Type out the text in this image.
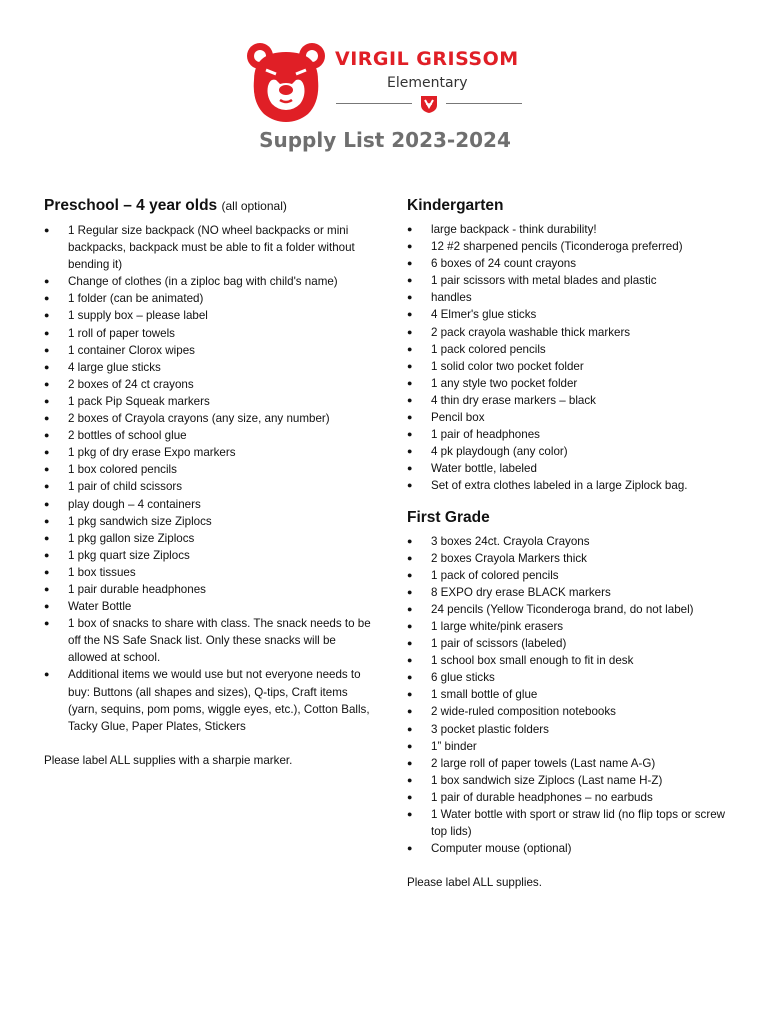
VIRGIL GRISSOM
Elementary
Supply List 2023-2024
Preschool – 4 year olds (all optional)
● 1 Regular size backpack (NO wheel backpacks or mini backpacks, backpack must be able to fit a folder without bending it)
● Change of clothes (in a ziploc bag with child's name)
● 1 folder (can be animated)
● 1 supply box – please label
● 1 roll of paper towels
● 1 container Clorox wipes
● 4 large glue sticks
● 2 boxes of 24 ct crayons
● 1 pack Pip Squeak markers
● 2 boxes of Crayola crayons (any size, any number)
● 2 bottles of school glue
● 1 pkg of dry erase Expo markers
● 1 box colored pencils
● 1 pair of child scissors
● play dough – 4 containers
● 1 pkg sandwich size Ziplocs
● 1 pkg gallon size Ziplocs
● 1 pkg quart size Ziplocs
● 1 box tissues
● 1 pair durable headphones
● Water Bottle
● 1 box of snacks to share with class. The snack needs to be off the NS Safe Snack list. Only these snacks will be allowed at school.
● Additional items we would use but not everyone needs to buy: Buttons (all shapes and sizes), Q-tips, Craft items (yarn, sequins, pom poms, wiggle eyes, etc.), Cotton Balls, Tacky Glue, Paper Plates, Stickers
Please label ALL supplies with a sharpie marker.
Kindergarten
● large backpack - think durability!
● 12 #2 sharpened pencils (Ticonderoga preferred)
● 6 boxes of 24 count crayons
● 1 pair scissors with metal blades and plastic
● handles
● 4 Elmer's glue sticks
● 2 pack crayola washable thick markers
● 1 pack colored pencils
● 1 solid color two pocket folder
● 1 any style two pocket folder
● 4 thin dry erase markers – black
● Pencil box
● 1 pair of headphones
● 4 pk playdough (any color)
● Water bottle, labeled
● Set of extra clothes labeled in a large Ziplock bag.
First Grade
● 3 boxes 24ct. Crayola Crayons
● 2 boxes Crayola Markers thick
● 1 pack of colored pencils
● 8 EXPO dry erase BLACK markers
● 24 pencils (Yellow Ticonderoga brand, do not label)
● 1 large white/pink erasers
● 1 pair of scissors (labeled)
● 1 school box small enough to fit in desk
● 6 glue sticks
● 1 small bottle of glue
● 2 wide-ruled composition notebooks
● 3 pocket plastic folders
● 1” binder
● 2 large roll of paper towels (Last name A-G)
● 1 box sandwich size Ziplocs (Last name H-Z)
● 1 pair of durable headphones – no earbuds
● 1 Water bottle with sport or straw lid (no flip tops or screw top lids)
● Computer mouse (optional)
Please label ALL supplies.
